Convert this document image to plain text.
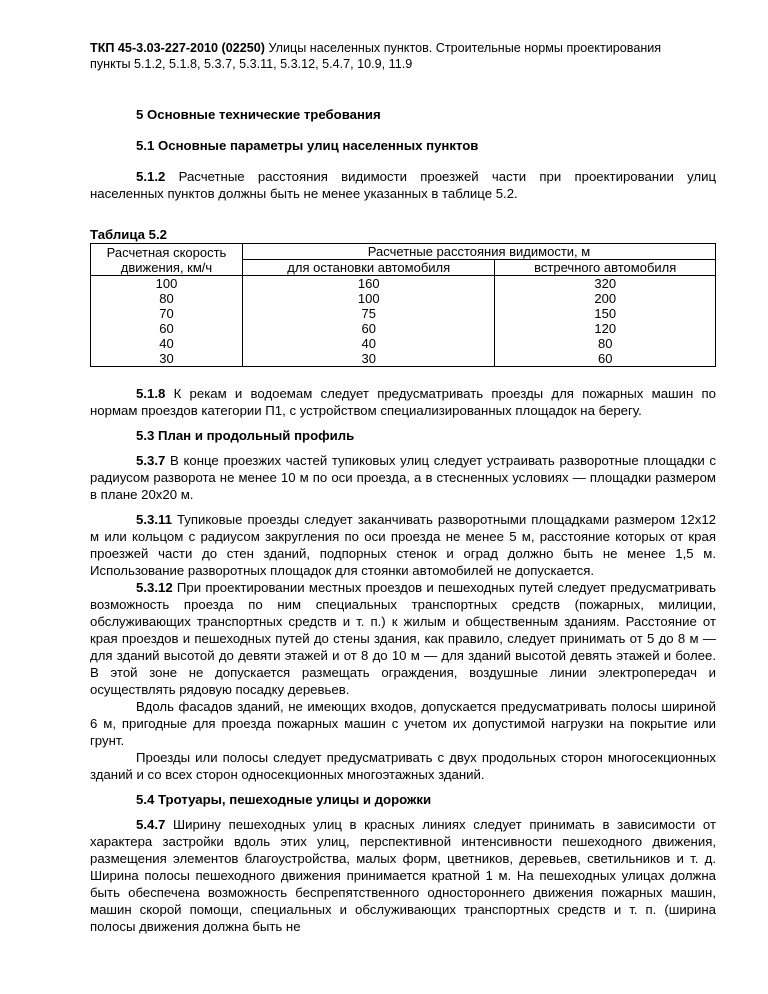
ТКП 45-3.03-227-2010 (02250) Улицы населенных пунктов. Строительные нормы проектирования
пункты 5.1.2, 5.1.8, 5.3.7, 5.3.11, 5.3.12, 5.4.7, 10.9, 11.9
5 Основные технические требования
5.1 Основные параметры улиц населенных пунктов

5.1.2 Расчетные расстояния видимости проезжей части при проектировании улиц населенных пунктов должны быть не менее указанных в таблице 5.2.

Таблица 5.2
Расчетная скорость движения, км/ч	Расчетные расстояния видимости, м	
	для остановки автомобиля	встречного автомобиля
100	160	320
80	100	200
70	75	150
60	60	120
40	40	80
30	30	60

5.1.8 К рекам и водоемам следует предусматривать проезды для пожарных машин по нормам проездов категории П1, с устройством специализированных площадок на берегу.

5.3 План и продольный профиль

5.3.7 В конце проезжих частей тупиковых улиц следует устраивать разворотные площадки с радиусом разворота не менее 10 м по оси проезда, а в стесненных условиях — площадки размером в плане 20х20 м.

5.3.11 Тупиковые проезды следует заканчивать разворотными площадками размером 12х12 м или кольцом с радиусом закругления по оси проезда не менее 5 м, расстояние которых от края проезжей части до стен зданий, подпорных стенок и оград должно быть не менее 1,5 м. Использование разворотных площадок для стоянки автомобилей не допускается.

5.3.12 При проектировании местных проездов и пешеходных путей следует предусматривать возможность проезда по ним специальных транспортных средств (пожарных, милиции, обслуживающих транспортных средств и т. п.) к жилым и общественным зданиям. Расстояние от края проездов и пешеходных путей до стены здания, как правило, следует принимать от 5 до 8 м — для зданий высотой до девяти этажей и от 8 до 10 м — для зданий высотой девять этажей и более. В этой зоне не допускается размещать ограждения, воздушные линии электропередач и осуществлять рядовую посадку деревьев.

Вдоль фасадов зданий, не имеющих входов, допускается предусматривать полосы шириной 6 м, пригодные для проезда пожарных машин с учетом их допустимой нагрузки на покрытие или грунт.

Проезды или полосы следует предусматривать с двух продольных сторон многосекционных зданий и со всех сторон односекционных многоэтажных зданий.

5.4 Тротуары, пешеходные улицы и дорожки

5.4.7 Ширину пешеходных улиц в красных линиях следует принимать в зависимости от характера застройки вдоль этих улиц, перспективной интенсивности пешеходного движения, размещения элементов благоустройства, малых форм, цветников, деревьев, светильников и т. д. Ширина полосы пешеходного движения принимается кратной 1 м. На пешеходных улицах должна быть обеспечена возможность беспрепятственного одностороннего движения пожарных машин, машин скорой помощи, специальных и обслуживающих транспортных средств и т. п. (ширина полосы движения должна быть не
